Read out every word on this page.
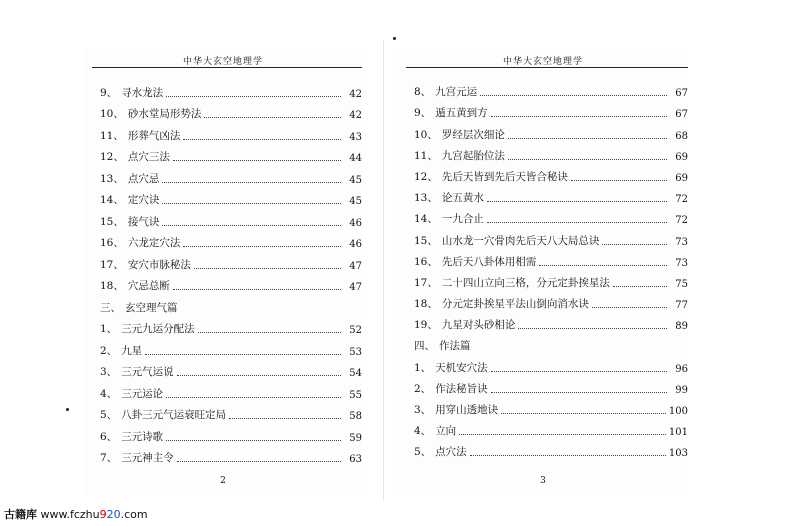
中华大玄空地理学
9、 寻水龙法	42
10、 砂水堂局形势法	42
11、 形葬气凶法	43
12、 点穴三法	44
13、 点穴忌	45
14、 定穴诀	45
15、 接气诀	46
16、 六龙定穴法	46
17、 安穴市脉秘法	47
18、 穴忌总断	47
三、 玄空理气篇
1、 三元九运分配法	52
2、 九星	53
3、 三元气运说	54
4、 三元运论	55
5、 八卦三元气运衰旺定局	58
6、 三元诗歌	59
7、 三元神主令	63
2
中华大玄空地理学
8、 九宫元运	67
9、 遁五黄到方	67
10、 罗经层次细论	68
11、 九宫起胎位法	69
12、 先后天皆到先后天皆合秘诀	69
13、 论五黄水	72
14、 一九合止	72
15、 山水龙一穴骨肉先后天八大局总诀	73
16、 先后天八卦体用相需	73
17、 二十四山立向三格，分元定卦挨星法	75
18、 分元定卦挨星平法山倒向消水诀	77
19、 九星对头砂相论	89
四、 作法篇
1、 天机安穴法	96
2、 作法秘旨诀	99
3、 用穿山透地诀	100
4、 立向	101
5、 点穴法	103
3
古籍库 www.fczhu920.com
